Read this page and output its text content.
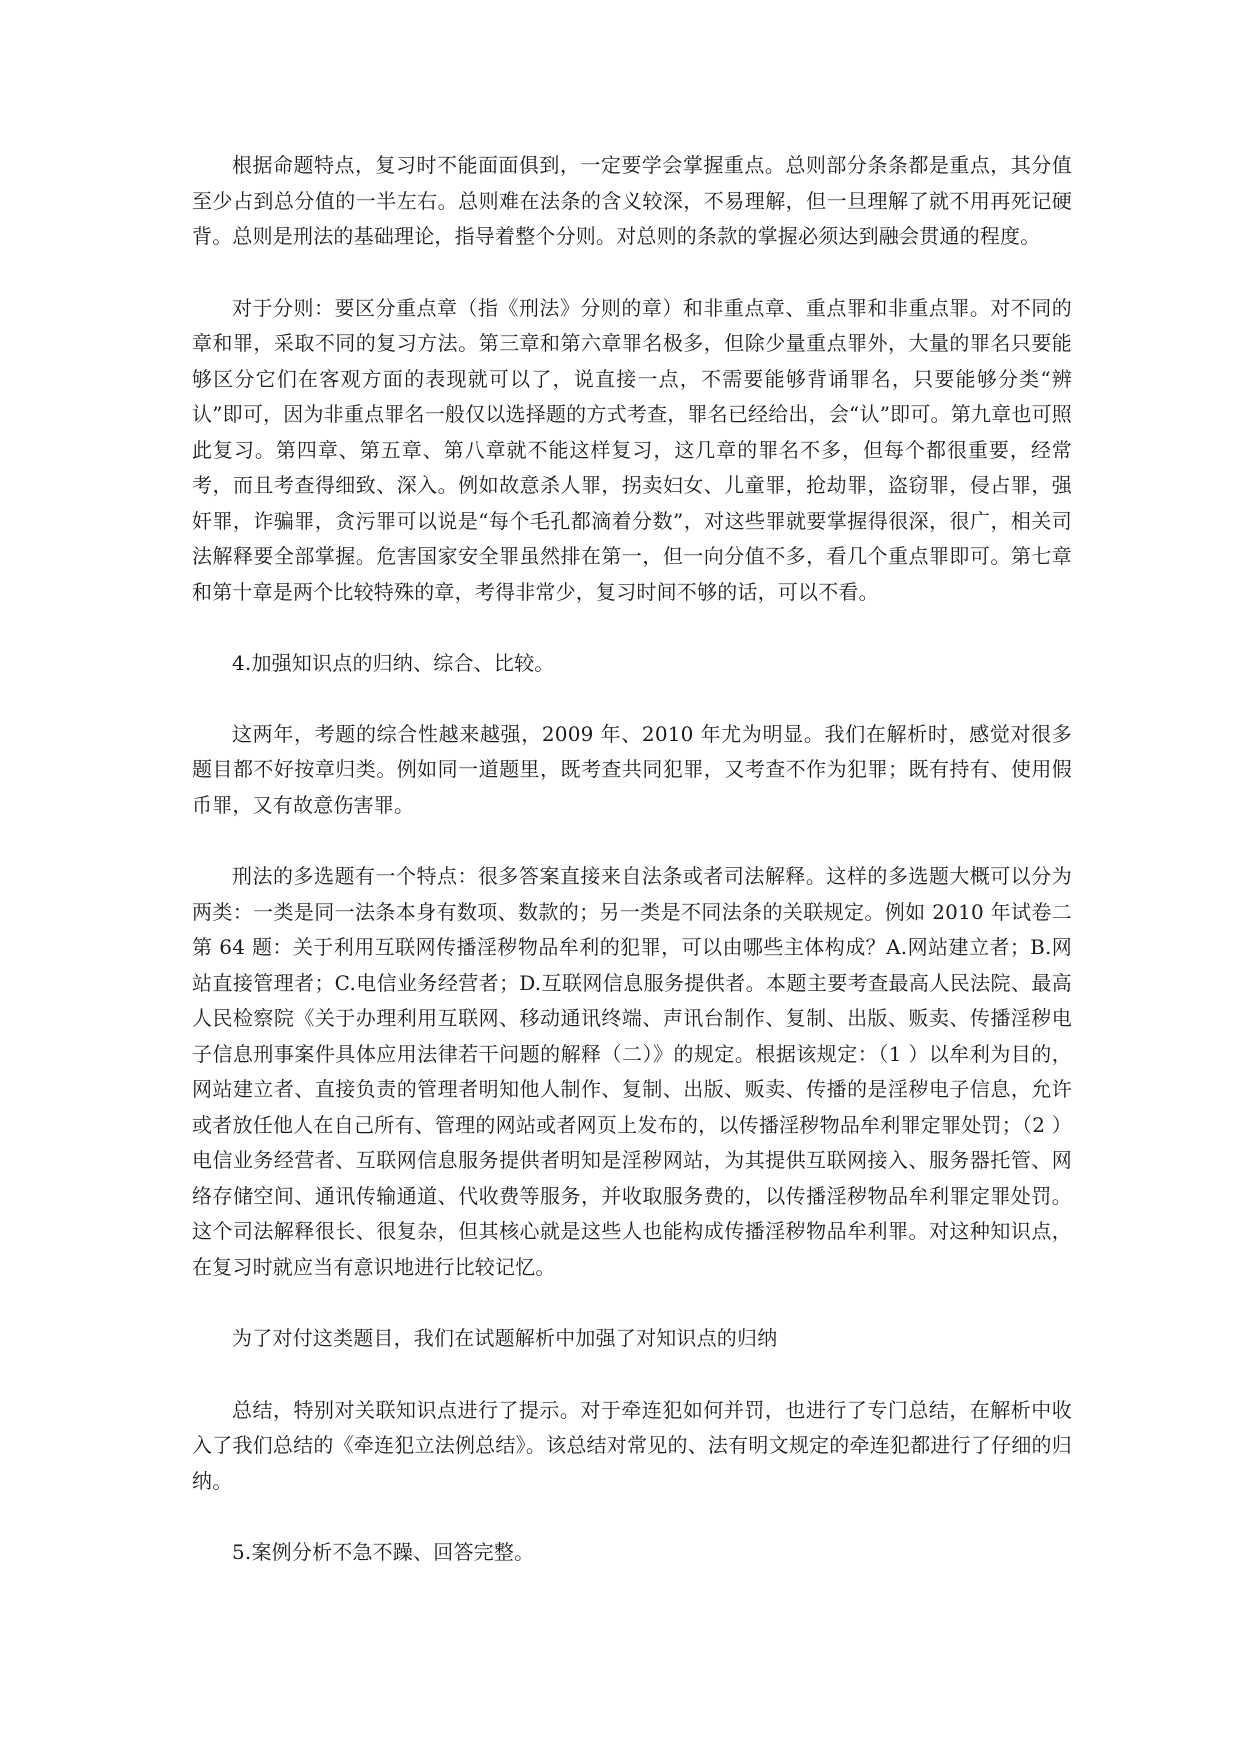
根据命题特点，复习时不能面面俱到，一定要学会掌握重点。总则部分条条都是重点，其分值至少占到总分值的一半左右。总则难在法条的含义较深，不易理解，但一旦理解了就不用再死记硬背。总则是刑法的基础理论，指导着整个分则。对总则的条款的掌握必须达到融会贯通的程度。

对于分则：要区分重点章（指《刑法》分则的章）和非重点章、重点罪和非重点罪。对不同的章和罪，采取不同的复习方法。第三章和第六章罪名极多，但除少量重点罪外，大量的罪名只要能够区分它们在客观方面的表现就可以了，说直接一点，不需要能够背诵罪名，只要能够分类“辨认”即可，因为非重点罪名一般仅以选择题的方式考查，罪名已经给出，会“认”即可。第九章也可照此复习。第四章、第五章、第八章就不能这样复习，这几章的罪名不多，但每个都很重要，经常考，而且考查得细致、深入。例如故意杀人罪，拐卖妇女、儿童罪，抢劫罪，盗窃罪，侵占罪，强奸罪，诈骗罪，贪污罪可以说是“每个毛孔都滴着分数”，对这些罪就要掌握得很深，很广，相关司法解释要全部掌握。危害国家安全罪虽然排在第一，但一向分值不多，看几个重点罪即可。第七章和第十章是两个比较特殊的章，考得非常少，复习时间不够的话，可以不看。

4.加强知识点的归纳、综合、比较。

这两年，考题的综合性越来越强，2009 年、2010 年尤为明显。我们在解析时，感觉对很多题目都不好按章归类。例如同一道题里，既考查共同犯罪，又考查不作为犯罪；既有持有、使用假币罪，又有故意伤害罪。

刑法的多选题有一个特点：很多答案直接来自法条或者司法解释。这样的多选题大概可以分为两类：一类是同一法条本身有数项、数款的；另一类是不同法条的关联规定。例如 2010 年试卷二第 64 题：关于利用互联网传播淫秽物品牟利的犯罪，可以由哪些主体构成？A.网站建立者；B.网站直接管理者；C.电信业务经营者；D.互联网信息服务提供者。本题主要考查最高人民法院、最高人民检察院《关于办理利用互联网、移动通讯终端、声讯台制作、复制、出版、贩卖、传播淫秽电子信息刑事案件具体应用法律若干问题的解释（二）》的规定。根据该规定：（1 ）以牟利为目的，网站建立者、直接负责的管理者明知他人制作、复制、出版、贩卖、传播的是淫秽电子信息，允许或者放任他人在自己所有、管理的网站或者网页上发布的，以传播淫秽物品牟利罪定罪处罚；（2 ）电信业务经营者、互联网信息服务提供者明知是淫秽网站，为其提供互联网接入、服务器托管、网络存储空间、通讯传输通道、代收费等服务，并收取服务费的，以传播淫秽物品牟利罪定罪处罚。这个司法解释很长、很复杂，但其核心就是这些人也能构成传播淫秽物品牟利罪。对这种知识点，在复习时就应当有意识地进行比较记忆。

为了对付这类题目，我们在试题解析中加强了对知识点的归纳

总结，特别对关联知识点进行了提示。对于牵连犯如何并罚，也进行了专门总结，在解析中收入了我们总结的《牵连犯立法例总结》。该总结对常见的、法有明文规定的牵连犯都进行了仔细的归纳。

5.案例分析不急不躁、回答完整。
